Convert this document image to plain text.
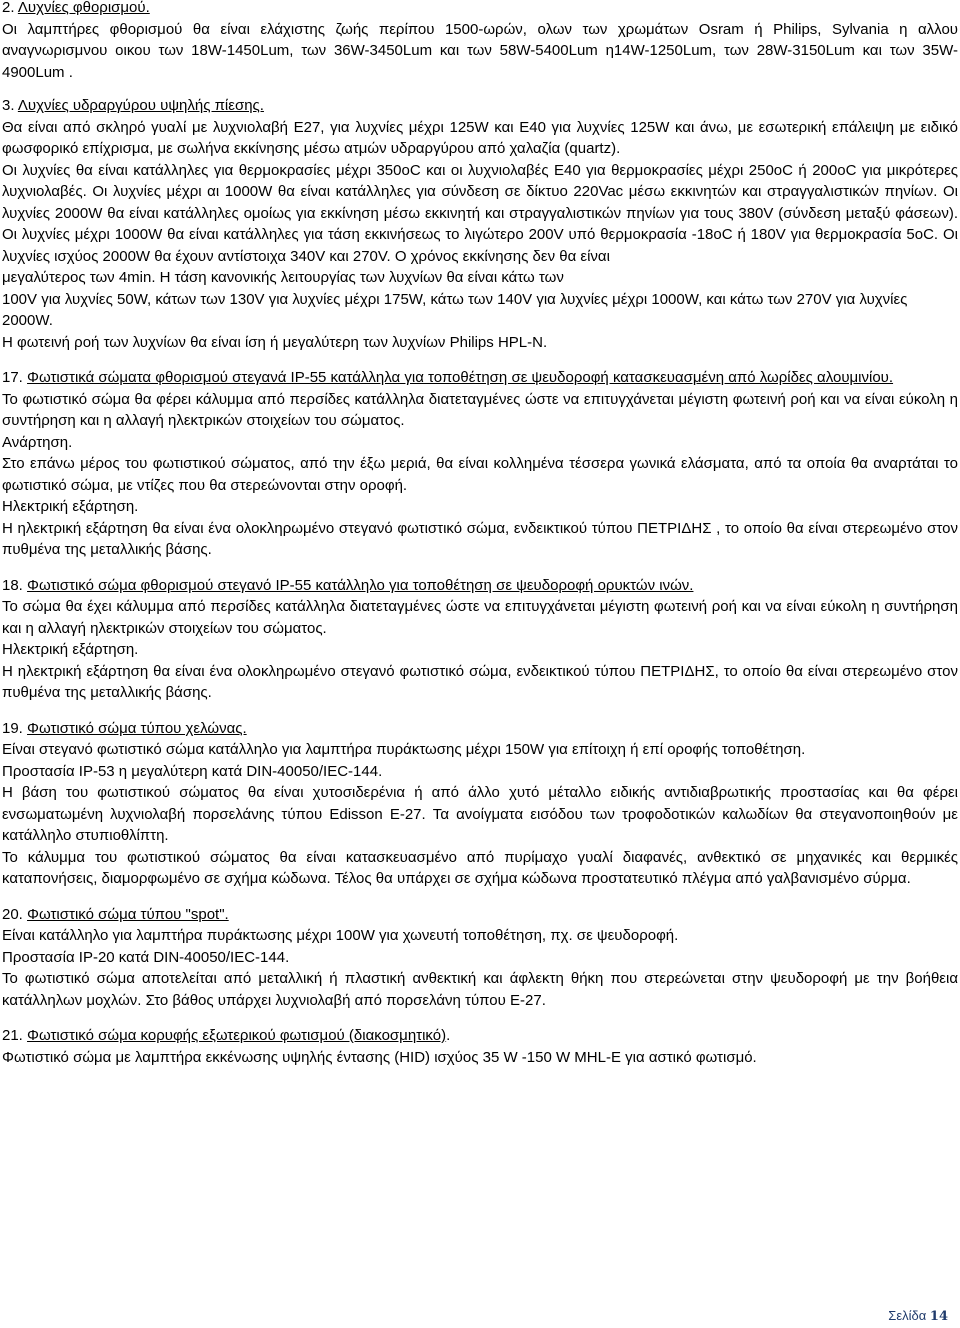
2. Λυχνίες φθορισμού.

Οι λαμπτήρες φθορισμού θα είναι ελάχιστης ζωής περίπου 1500-ωρών, ολων των χρωμάτων Osram ή Philips, Sylvania η αλλου αναγνωρισμνου οικου των 18W-1450Lum, των 36W-3450Lum και των 58W-5400Lum η14W-1250Lum, των 28W-3150Lum και των 35W-4900Lum .

3. Λυχνίες υδραργύρου υψηλής πίεσης.

Θα είναι από σκληρό γυαλί με λυχνιολαβή Ε27, για λυχνίες μέχρι 125W και Ε40 για λυχνίες 125W και άνω, με εσωτερική επάλειψη με ειδικό φωσφορικό επίχρισμα, με σωλήνα εκκίνησης μέσω ατμών υδραργύρου από χαλαζία (quartz).

Οι λυχνίες θα είναι κατάλληλες για θερμοκρασίες μέχρι 350oC και οι λυχνιολαβές Ε40 για θερμοκρασίες μέχρι 250oC ή 200oC για μικρότερες λυχνιολαβές. Οι λυχνίες μέχρι αι 1000W θα είναι κατάλληλες για σύνδεση σε δίκτυο 220Vac μέσω εκκινητών και στραγγαλιστικών πηνίων. Οι λυχνίες 2000W θα είναι κατάλληλες ομοίως για εκκίνηση μέσω εκκινητή και στραγγαλιστικών πηνίων για τους 380V (σύνδεση μεταξύ φάσεων). Οι λυχνίες μέχρι 1000W θα είναι κατάλληλες για τάση εκκινήσεως το λιγώτερο 200V υπό θερμοκρασία -18oC ή 180V για θερμοκρασία 5oC. Οι λυχνίες ισχύος 2000W θα έχουν αντίστοιχα 340V και 270V. Ο χρόνος εκκίνησης δεν θα είναι

μεγαλύτερος των 4min. Η τάση κανονικής λειτουργίας των λυχνίων θα είναι κάτω των

100V για λυχνίες 50W, κάτων των 130V για λυχνίες μέχρι 175W, κάτω των 140V για λυχνίες μέχρι 1000W, και κάτω των 270V για λυχνίες 2000W.

Η φωτεινή ροή των λυχνίων θα είναι ίση ή μεγαλύτερη των λυχνίων Philips HPL-N.

17. Φωτιστικά σώματα φθορισμού στεγανά IP-55 κατάλληλα για τοποθέτηση σε ψευδοροφή κατασκευασμένη από λωρίδες αλουμινίου.

Το φωτιστικό σώμα θα φέρει κάλυμμα από περσίδες κατάλληλα διατεταγμένες ώστε να επιτυγχάνεται μέγιστη φωτεινή ροή και να είναι εύκολη η συντήρηση και η αλλαγή ηλεκτρικών στοιχείων του σώματος.

Ανάρτηση.

Στο επάνω μέρος του φωτιστικού σώματος, από την έξω μεριά, θα είναι κολλημένα τέσσερα γωνικά ελάσματα, από τα οποία θα αναρτάται το φωτιστικό σώμα, με ντίζες που θα στερεώνονται στην οροφή.

Ηλεκτρική εξάρτηση.

Η ηλεκτρική εξάρτηση θα είναι ένα ολοκληρωμένο στεγανό φωτιστικό σώμα, ενδεικτικού τύπου ΠΕΤΡΙΔΗΣ , το οποίο θα είναι στερεωμένο στον πυθμένα της μεταλλικής βάσης.

18. Φωτιστικό σώμα φθορισμού στεγανό IP-55 κατάλληλο για τοποθέτηση σε ψευδοροφή ορυκτών ινών.

Το σώμα θα έχει κάλυμμα από περσίδες κατάλληλα διατεταγμένες ώστε να επιτυγχάνεται μέγιστη φωτεινή ροή και να είναι εύκολη η συντήρηση και η αλλαγή ηλεκτρικών στοιχείων του σώματος.

Ηλεκτρική εξάρτηση.

Η ηλεκτρική εξάρτηση θα είναι ένα ολοκληρωμένο στεγανό φωτιστικό σώμα, ενδεικτικού τύπου ΠΕΤΡΙΔΗΣ, το οποίο θα είναι στερεωμένο στον πυθμένα της μεταλλικής βάσης.

19. Φωτιστικό σώμα τύπου χελώνας.

Είναι στεγανό φωτιστικό σώμα κατάλληλο για λαμπτήρα πυράκτωσης μέχρι 150W για επίτοιχη ή επί οροφής τοποθέτηση.

Προστασία IP-53 η μεγαλύτερη κατά DIN-40050/IEC-144.

Η βάση του φωτιστικού σώματος θα είναι χυτοσιδερένια ή από άλλο χυτό μέταλλο ειδικής αντιδιαβρωτικής προστασίας και θα φέρει ενσωματωμένη λυχνιολαβή πορσελάνης τύπου Edisson E-27. Τα ανοίγματα εισόδου των τροφοδοτικών καλωδίων θα στεγανοποιηθούν με κατάλληλο στυπιοθλίπτη.

Το κάλυμμα του φωτιστικού σώματος θα είναι κατασκευασμένο από πυρίμαχο γυαλί διαφανές, ανθεκτικό σε μηχανικές και θερμικές καταπονήσεις, διαμορφωμένο σε σχήμα κώδωνα. Τέλος θα υπάρχει σε σχήμα κώδωνα προστατευτικό πλέγμα από γαλβανισμένο σύρμα.

20. Φωτιστικό σώμα τύπου "spot".

Είναι κατάλληλο για λαμπτήρα πυράκτωσης μέχρι 100W για χωνευτή τοποθέτηση, πχ. σε ψευδοροφή.

Προστασία IP-20 κατά DIN-40050/IEC-144.

Το φωτιστικό σώμα αποτελείται από μεταλλική ή πλαστική ανθεκτική και άφλεκτη θήκη που στερεώνεται στην ψευδοροφή με την βοήθεια κατάλληλων μοχλών. Στο βάθος υπάρχει λυχνιολαβή από πορσελάνη τύπου Ε-27.

21. Φωτιστικό σώμα κορυφής εξωτερικού φωτισμού (διακοσμητικό).

Φωτιστικό σώμα με λαμπτήρα εκκένωσης υψηλής έντασης (HID) ισχύος 35 W -150 W MHL-E για αστικό φωτισμό.

Σελίδα 14
